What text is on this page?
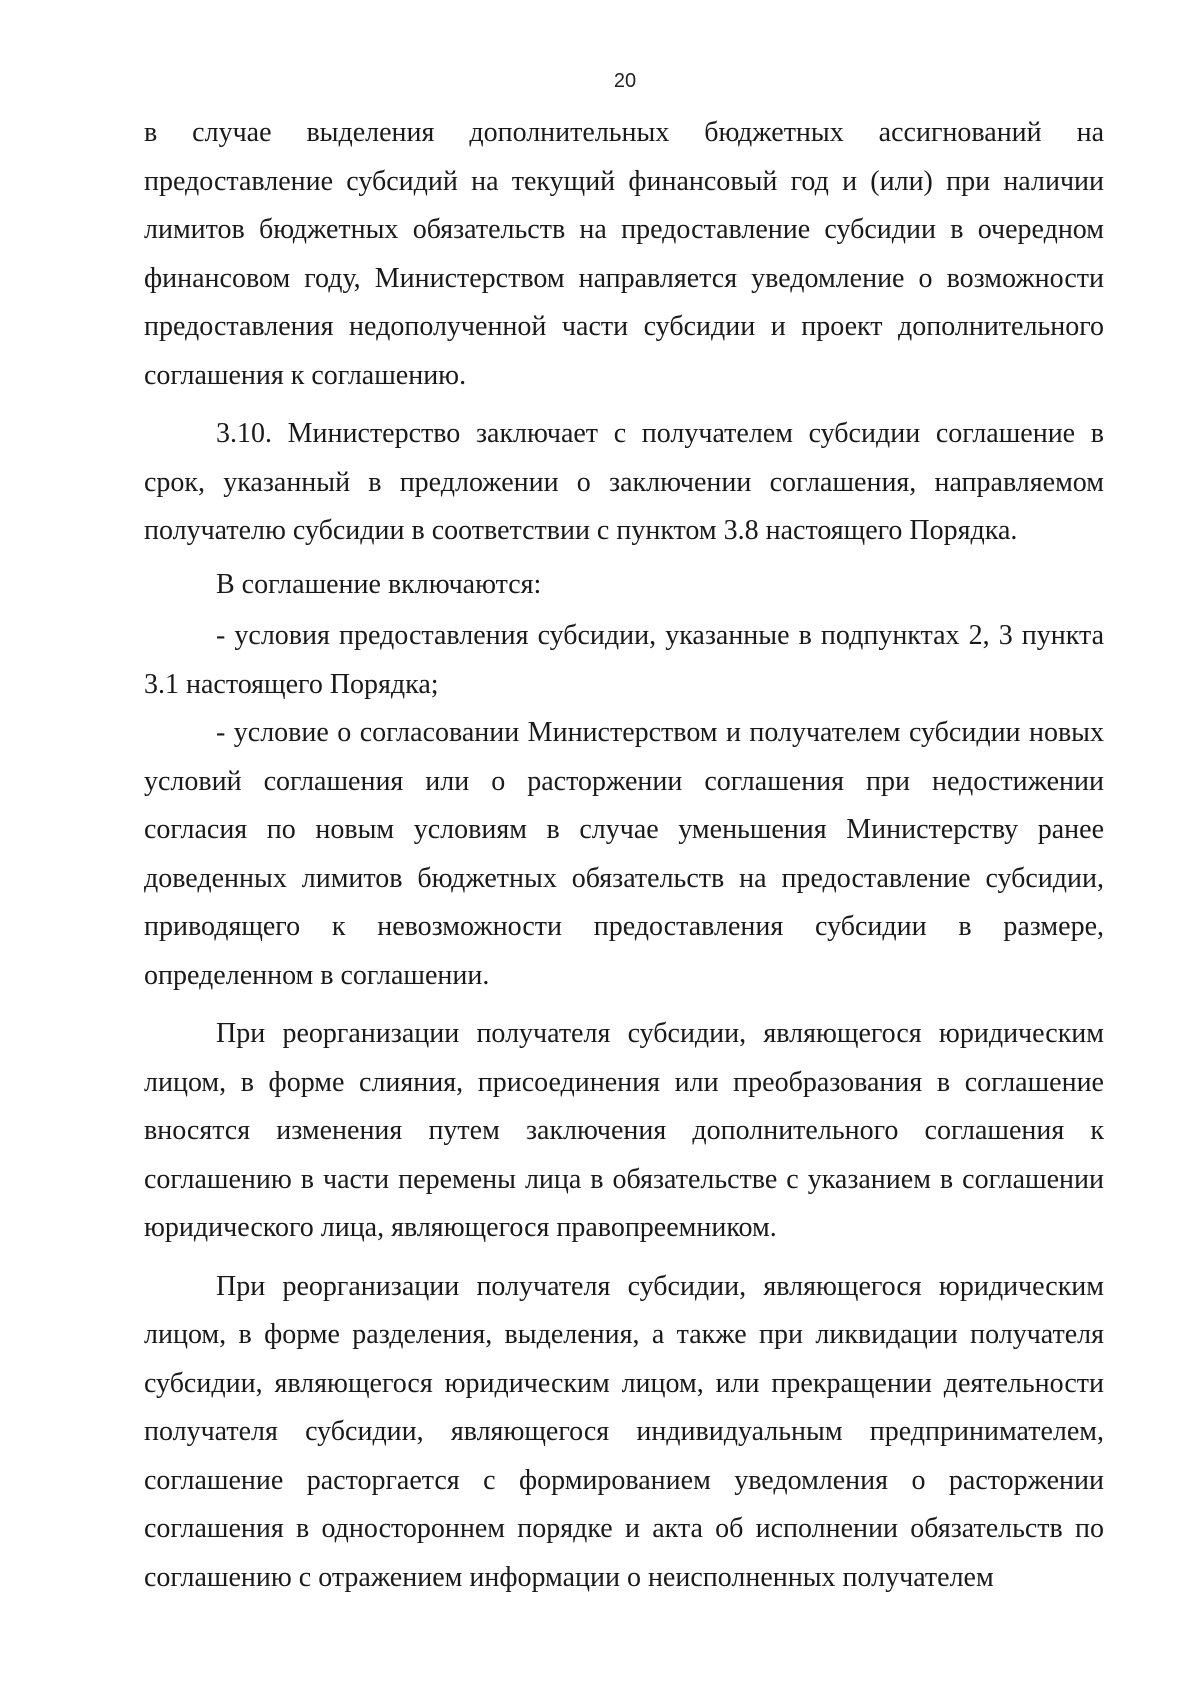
20

в случае выделения дополнительных бюджетных ассигнований на предоставление субсидий на текущий финансовый год и (или) при наличии лимитов бюджетных обязательств на предоставление субсидии в очередном финансовом году, Министерством направляется уведомление о возможности предоставления недополученной части субсидии и проект дополнительного соглашения к соглашению.

3.10. Министерство заключает с получателем субсидии соглашение в срок, указанный в предложении о заключении соглашения, направляемом получателю субсидии в соответствии с пунктом 3.8 настоящего Порядка.

В соглашение включаются:

- условия предоставления субсидии, указанные в подпунктах 2, 3 пункта 3.1 настоящего Порядка;

- условие о согласовании Министерством и получателем субсидии новых условий соглашения или о расторжении соглашения при недостижении согласия по новым условиям в случае уменьшения Министерству ранее доведенных лимитов бюджетных обязательств на предоставление субсидии, приводящего к невозможности предоставления субсидии в размере, определенном в соглашении.

При реорганизации получателя субсидии, являющегося юридическим лицом, в форме слияния, присоединения или преобразования в соглашение вносятся изменения путем заключения дополнительного соглашения к соглашению в части перемены лица в обязательстве с указанием в соглашении юридического лица, являющегося правопреемником.

При реорганизации получателя субсидии, являющегося юридическим лицом, в форме разделения, выделения, а также при ликвидации получателя субсидии, являющегося юридическим лицом, или прекращении деятельности получателя субсидии, являющегося индивидуальным предпринимателем, соглашение расторгается с формированием уведомления о расторжении соглашения в одностороннем порядке и акта об исполнении обязательств по соглашению с отражением информации о неисполненных получателем
